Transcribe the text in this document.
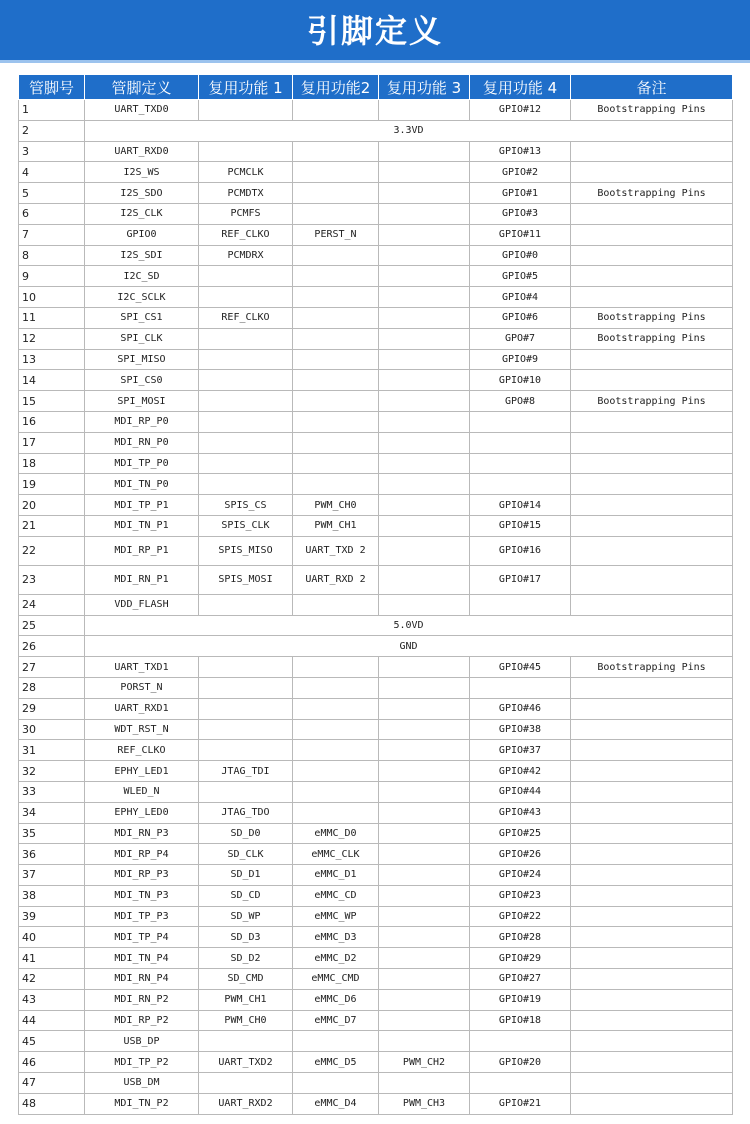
引脚定义
管脚号	管脚定义	复用功能 1	复用功能2	复用功能 3	复用功能 4	备注
1	UART_TXD0				GPIO#12	Bootstrapping Pins
2	3.3VD					
3	UART_RXD0				GPIO#13	
4	I2S_WS	PCMCLK			GPIO#2	
5	I2S_SDO	PCMDTX			GPIO#1	Bootstrapping Pins
6	I2S_CLK	PCMFS			GPIO#3	
7	GPIO0	REF_CLKO	PERST_N		GPIO#11	
8	I2S_SDI	PCMDRX			GPIO#0	
9	I2C_SD				GPIO#5	
10	I2C_SCLK				GPIO#4	
11	SPI_CS1	REF_CLKO			GPIO#6	Bootstrapping Pins
12	SPI_CLK				GPO#7	Bootstrapping Pins
13	SPI_MISO				GPIO#9	
14	SPI_CS0				GPIO#10	
15	SPI_MOSI				GPO#8	Bootstrapping Pins
16	MDI_RP_P0					
17	MDI_RN_P0					
18	MDI_TP_P0					
19	MDI_TN_P0					
20	MDI_TP_P1	SPIS_CS	PWM_CH0		GPIO#14	
21	MDI_TN_P1	SPIS_CLK	PWM_CH1		GPIO#15	
22	MDI_RP_P1	SPIS_MISO	UART_TXD 2		GPIO#16	
23	MDI_RN_P1	SPIS_MOSI	UART_RXD 2		GPIO#17	
24	VDD_FLASH					
25	5.0VD					
26	GND					
27	UART_TXD1				GPIO#45	Bootstrapping Pins
28	PORST_N					
29	UART_RXD1				GPIO#46	
30	WDT_RST_N				GPIO#38	
31	REF_CLKO				GPIO#37	
32	EPHY_LED1	JTAG_TDI			GPIO#42	
33	WLED_N				GPIO#44	
34	EPHY_LED0	JTAG_TDO			GPIO#43	
35	MDI_RN_P3	SD_D0	eMMC_D0		GPIO#25	
36	MDI_RP_P4	SD_CLK	eMMC_CLK		GPIO#26	
37	MDI_RP_P3	SD_D1	eMMC_D1		GPIO#24	
38	MDI_TN_P3	SD_CD	eMMC_CD		GPIO#23	
39	MDI_TP_P3	SD_WP	eMMC_WP		GPIO#22	
40	MDI_TP_P4	SD_D3	eMMC_D3		GPIO#28	
41	MDI_TN_P4	SD_D2	eMMC_D2		GPIO#29	
42	MDI_RN_P4	SD_CMD	eMMC_CMD		GPIO#27	
43	MDI_RN_P2	PWM_CH1	eMMC_D6		GPIO#19	
44	MDI_RP_P2	PWM_CH0	eMMC_D7		GPIO#18	
45	USB_DP					
46	MDI_TP_P2	UART_TXD2	eMMC_D5	PWM_CH2	GPIO#20	
47	USB_DM					
48	MDI_TN_P2	UART_RXD2	eMMC_D4	PWM_CH3	GPIO#21	
